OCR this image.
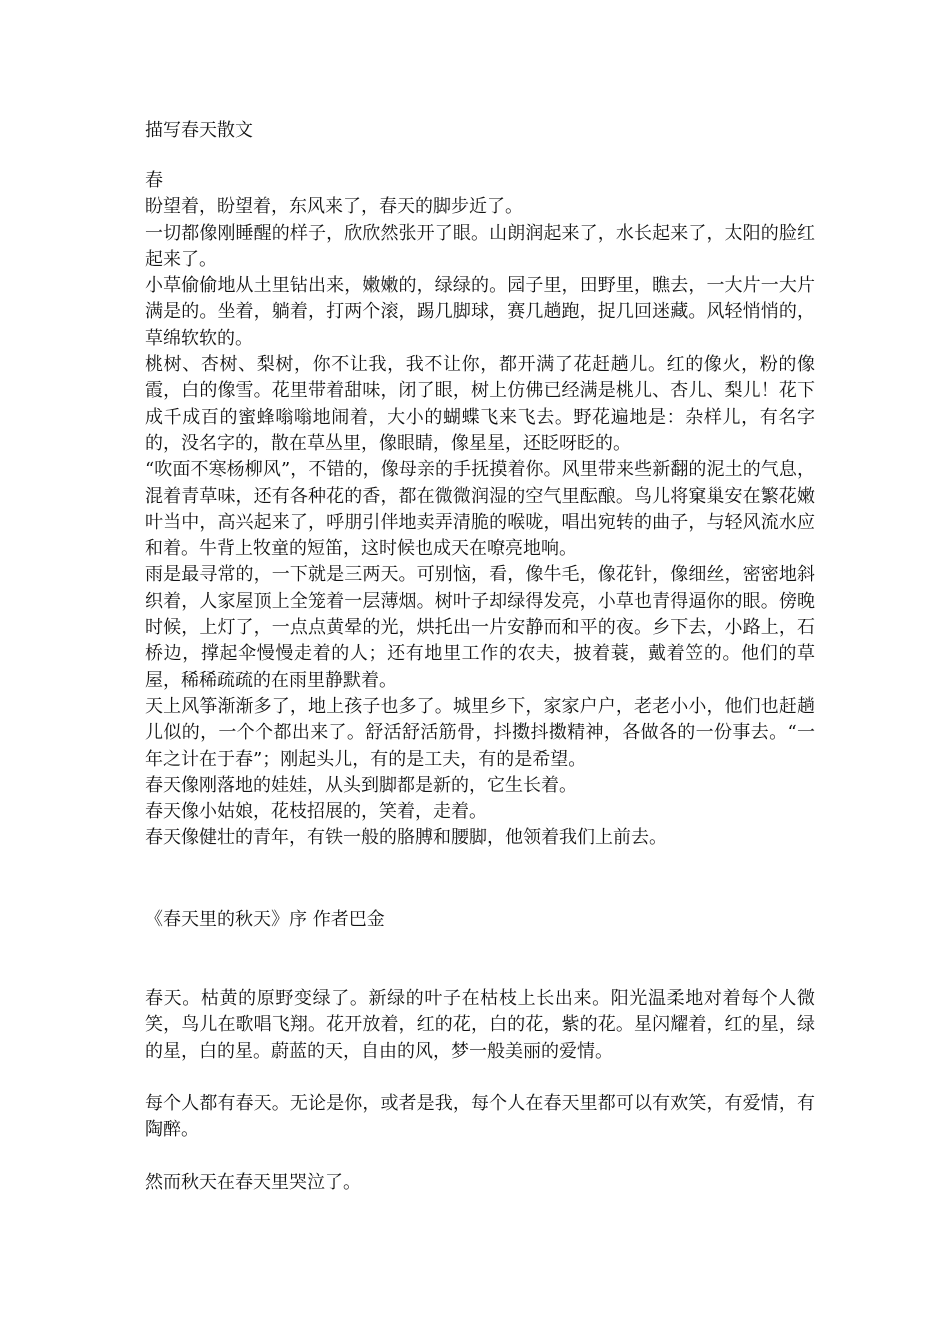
描写春天散文

春

盼望着，盼望着，东风来了，春天的脚步近了。

一切都像刚睡醒的样子，欣欣然张开了眼。山朗润起来了，水长起来了，太阳的脸红起来了。

小草偷偷地从土里钻出来，嫩嫩的，绿绿的。园子里，田野里，瞧去，一大片一大片满是的。坐着，躺着，打两个滚，踢几脚球，赛几趟跑，捉几回迷藏。风轻悄悄的，草绵软软的。

桃树、杏树、梨树，你不让我，我不让你，都开满了花赶趟儿。红的像火，粉的像霞，白的像雪。花里带着甜味，闭了眼，树上仿佛已经满是桃儿、杏儿、梨儿！花下成千成百的蜜蜂嗡嗡地闹着，大小的蝴蝶飞来飞去。野花遍地是：杂样儿，有名字的，没名字的，散在草丛里，像眼睛，像星星，还眨呀眨的。

“吹面不寒杨柳风”，不错的，像母亲的手抚摸着你。风里带来些新翻的泥土的气息，混着青草味，还有各种花的香，都在微微润湿的空气里酝酿。鸟儿将窠巢安在繁花嫩叶当中，高兴起来了，呼朋引伴地卖弄清脆的喉咙，唱出宛转的曲子，与轻风流水应和着。牛背上牧童的短笛，这时候也成天在嘹亮地响。

雨是最寻常的，一下就是三两天。可别恼，看，像牛毛，像花针，像细丝，密密地斜织着，人家屋顶上全笼着一层薄烟。树叶子却绿得发亮，小草也青得逼你的眼。傍晚时候，上灯了，一点点黄晕的光，烘托出一片安静而和平的夜。乡下去，小路上，石桥边，撑起伞慢慢走着的人；还有地里工作的农夫，披着蓑，戴着笠的。他们的草屋，稀稀疏疏的在雨里静默着。

天上风筝渐渐多了，地上孩子也多了。城里乡下，家家户户，老老小小，他们也赶趟儿似的，一个个都出来了。舒活舒活筋骨，抖擞抖擞精神，各做各的一份事去。“一年之计在于春”；刚起头儿，有的是工夫，有的是希望。

春天像刚落地的娃娃，从头到脚都是新的，它生长着。

春天像小姑娘，花枝招展的，笑着，走着。

春天像健壮的青年，有铁一般的胳膊和腰脚，他领着我们上前去。

《春天里的秋天》序 作者巴金

春天。枯黄的原野变绿了。新绿的叶子在枯枝上长出来。阳光温柔地对着每个人微笑，鸟儿在歌唱飞翔。花开放着，红的花，白的花，紫的花。星闪耀着，红的星，绿的星，白的星。蔚蓝的天，自由的风，梦一般美丽的爱情。

每个人都有春天。无论是你，或者是我，每个人在春天里都可以有欢笑，有爱情，有陶醉。

然而秋天在春天里哭泣了。
